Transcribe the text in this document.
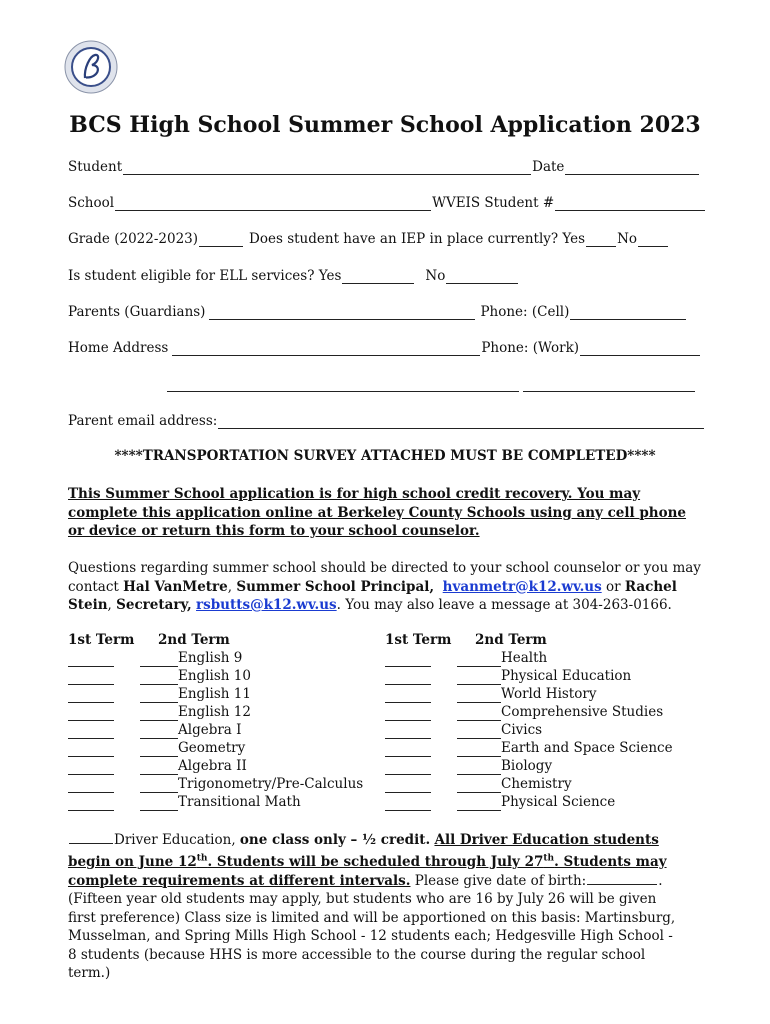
BCS High School Summer School Application 2023
Student	Date
School	WVEIS Student #
Grade (2022-2023)	Does student have an IEP in place currently? Yes No
Is student eligible for ELL services? Yes	No
Parents (Guardians)	Phone: (Cell)
Home Address	Phone: (Work)
Parent email address:
****TRANSPORTATION SURVEY ATTACHED MUST BE COMPLETED****
This Summer School application is for high school credit recovery. You may complete this application online at Berkeley County Schools using any cell phone or device or return this form to your school counselor.
Questions regarding summer school should be directed to your school counselor or you may contact Hal VanMetre, Summer School Principal, hvanmetr@k12.wv.us or Rachel Stein, Secretary, rsbutts@k12.wv.us. You may also leave a message at 304-263-0166.
1st Term	2nd Term
English 9
English 10
English 11
English 12
Algebra I
Geometry
Algebra II
Trigonometry/Pre-Calculus
Transitional Math
1st Term	2nd Term
Health
Physical Education
World History
Comprehensive Studies
Civics
Earth and Space Science
Biology
Chemistry
Physical Science
Driver Education, one class only – ½ credit. All Driver Education students begin on June 12th. Students will be scheduled through July 27th. Students may complete requirements at different intervals. Please give date of birth:	. (Fifteen year old students may apply, but students who are 16 by July 26 will be given first preference) Class size is limited and will be apportioned on this basis: Martinsburg, Musselman, and Spring Mills High School - 12 students each; Hedgesville High School - 8 students (because HHS is more accessible to the course during the regular school term.)
